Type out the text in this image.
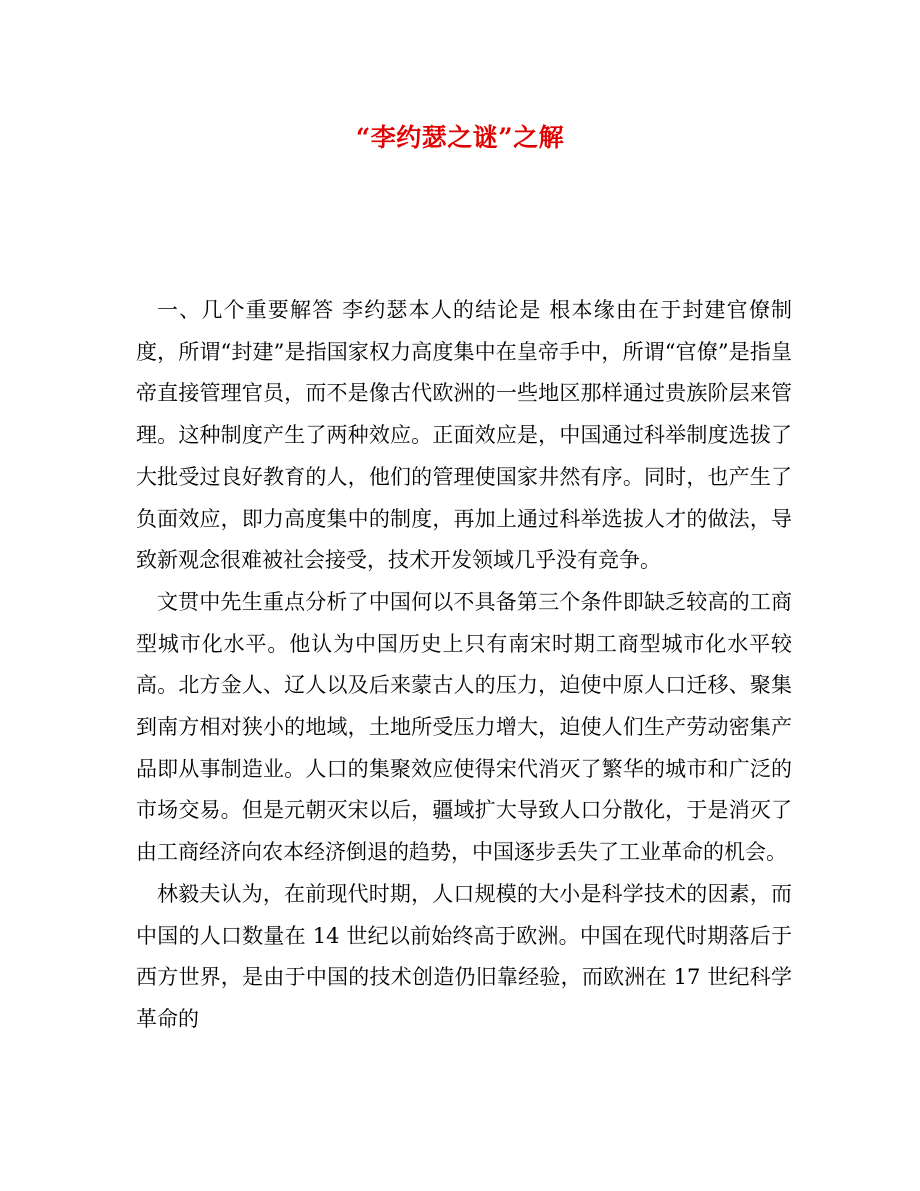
“李约瑟之谜”之解

一、几个重要解答 李约瑟本人的结论是 根本缘由在于封建官僚制度，所谓“封建”是指国家权力高度集中在皇帝手中，所谓“官僚”是指皇帝直接管理官员，而不是像古代欧洲的一些地区那样通过贵族阶层来管理。这种制度产生了两种效应。正面效应是，中国通过科举制度选拔了大批受过良好教育的人，他们的管理使国家井然有序。同时，也产生了负面效应，即力高度集中的制度，再加上通过科举选拔人才的做法，导致新观念很难被社会接受，技术开发领域几乎没有竞争。

文贯中先生重点分析了中国何以不具备第三个条件即缺乏较高的工商型城市化水平。他认为中国历史上只有南宋时期工商型城市化水平较高。北方金人、辽人以及后来蒙古人的压力，迫使中原人口迁移、聚集到南方相对狭小的地域，土地所受压力增大，迫使人们生产劳动密集产品即从事制造业。人口的集聚效应使得宋代消灭了繁华的城市和广泛的市场交易。但是元朝灭宋以后，疆域扩大导致人口分散化，于是消灭了由工商经济向农本经济倒退的趋势，中国逐步丢失了工业革命的机会。

林毅夫认为，在前现代时期，人口规模的大小是科学技术的因素，而中国的人口数量在 14 世纪以前始终高于欧洲。中国在现代时期落后于西方世界，是由于中国的技术创造仍旧靠经验，而欧洲在 17 世纪科学革命的
